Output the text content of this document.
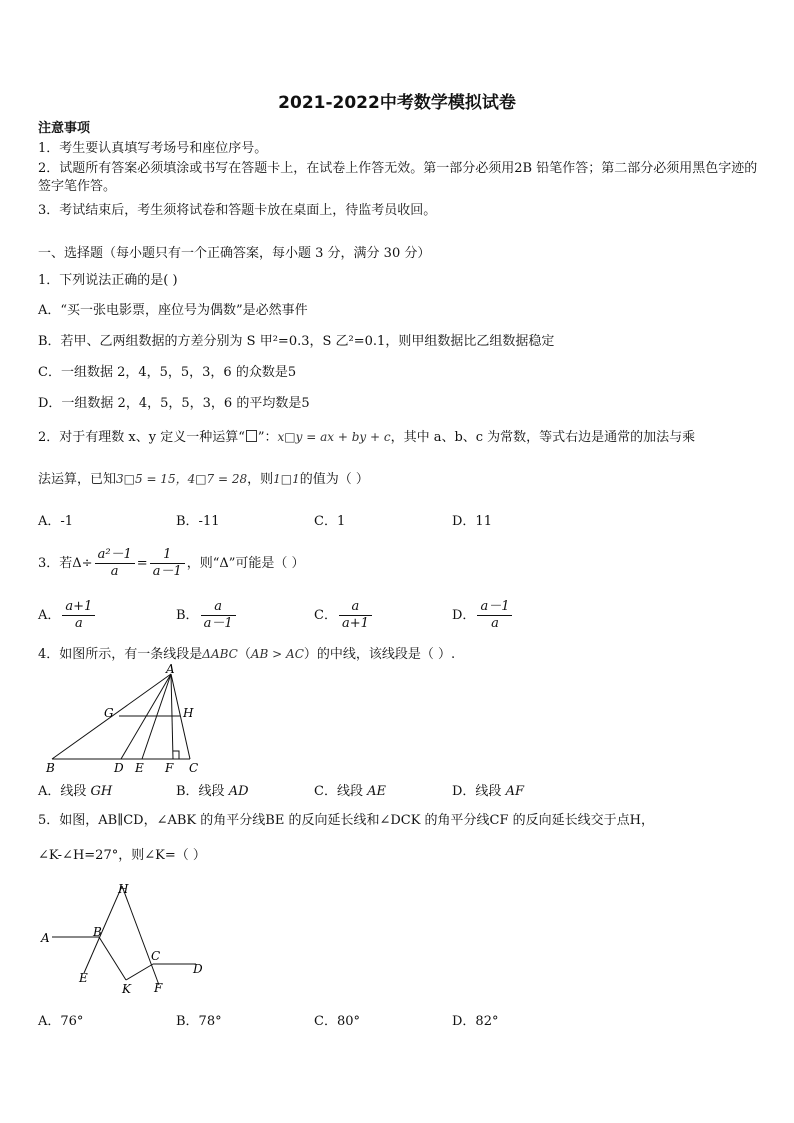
2021-2022中考数学模拟试卷
注意事项
1．考生要认真填写考场号和座位序号。
2．试题所有答案必须填涂或书写在答题卡上，在试卷上作答无效。第一部分必须用2B 铅笔作答；第二部分必须用黑色字迹的签字笔作答。
3．考试结束后，考生须将试卷和答题卡放在桌面上，待监考员收回。
一、选择题（每小题只有一个正确答案，每小题 3 分，满分 30 分）
1．下列说法正确的是( )
A．“买一张电影票，座位号为偶数”是必然事件
B．若甲、乙两组数据的方差分别为 S 甲²=0.3，S 乙²=0.1，则甲组数据比乙组数据稳定
C．一组数据 2，4，5，5，3，6 的众数是5
D．一组数据 2，4，5，5，3，6 的平均数是5
2．对于有理数 x、y 定义一种运算“ ”：x□y = ax + by + c，其中 a、b、c 为常数，等式右边是通常的加法与乘
法运算，已知3□5 = 15，4□7 = 28，则1□1的值为（ ）
A．-1	B．-11	C．1	D．11
3．若$\Delta\div \frac{\text{a²－1}}{a} = \frac{1}{a-1}$ ，则“Δ”可能是（ ）
A． $\frac{a+1}{a}$	B． $\frac{a}{a-1}$	C． $\frac{a}{a+1}$	D． $\frac{a-1}{a}$
4．如图所示，有一条线段是ΔABC（AB > AC）的中线，该线段是（ ）.
A
G	H
B	D E F C
A．线段 GH	B．线段 AD	C．线段 AE	D．线段 AF
5．如图，AB∥CD，∠ABK 的角平分线BE 的反向延长线和∠DCK 的角平分线CF 的反向延长线交于点H，
∠K-∠H=27°，则∠K=（ ）
H
A	B
E
K
C
D
F
A．76°	B．78°	C．80°	D．82°
